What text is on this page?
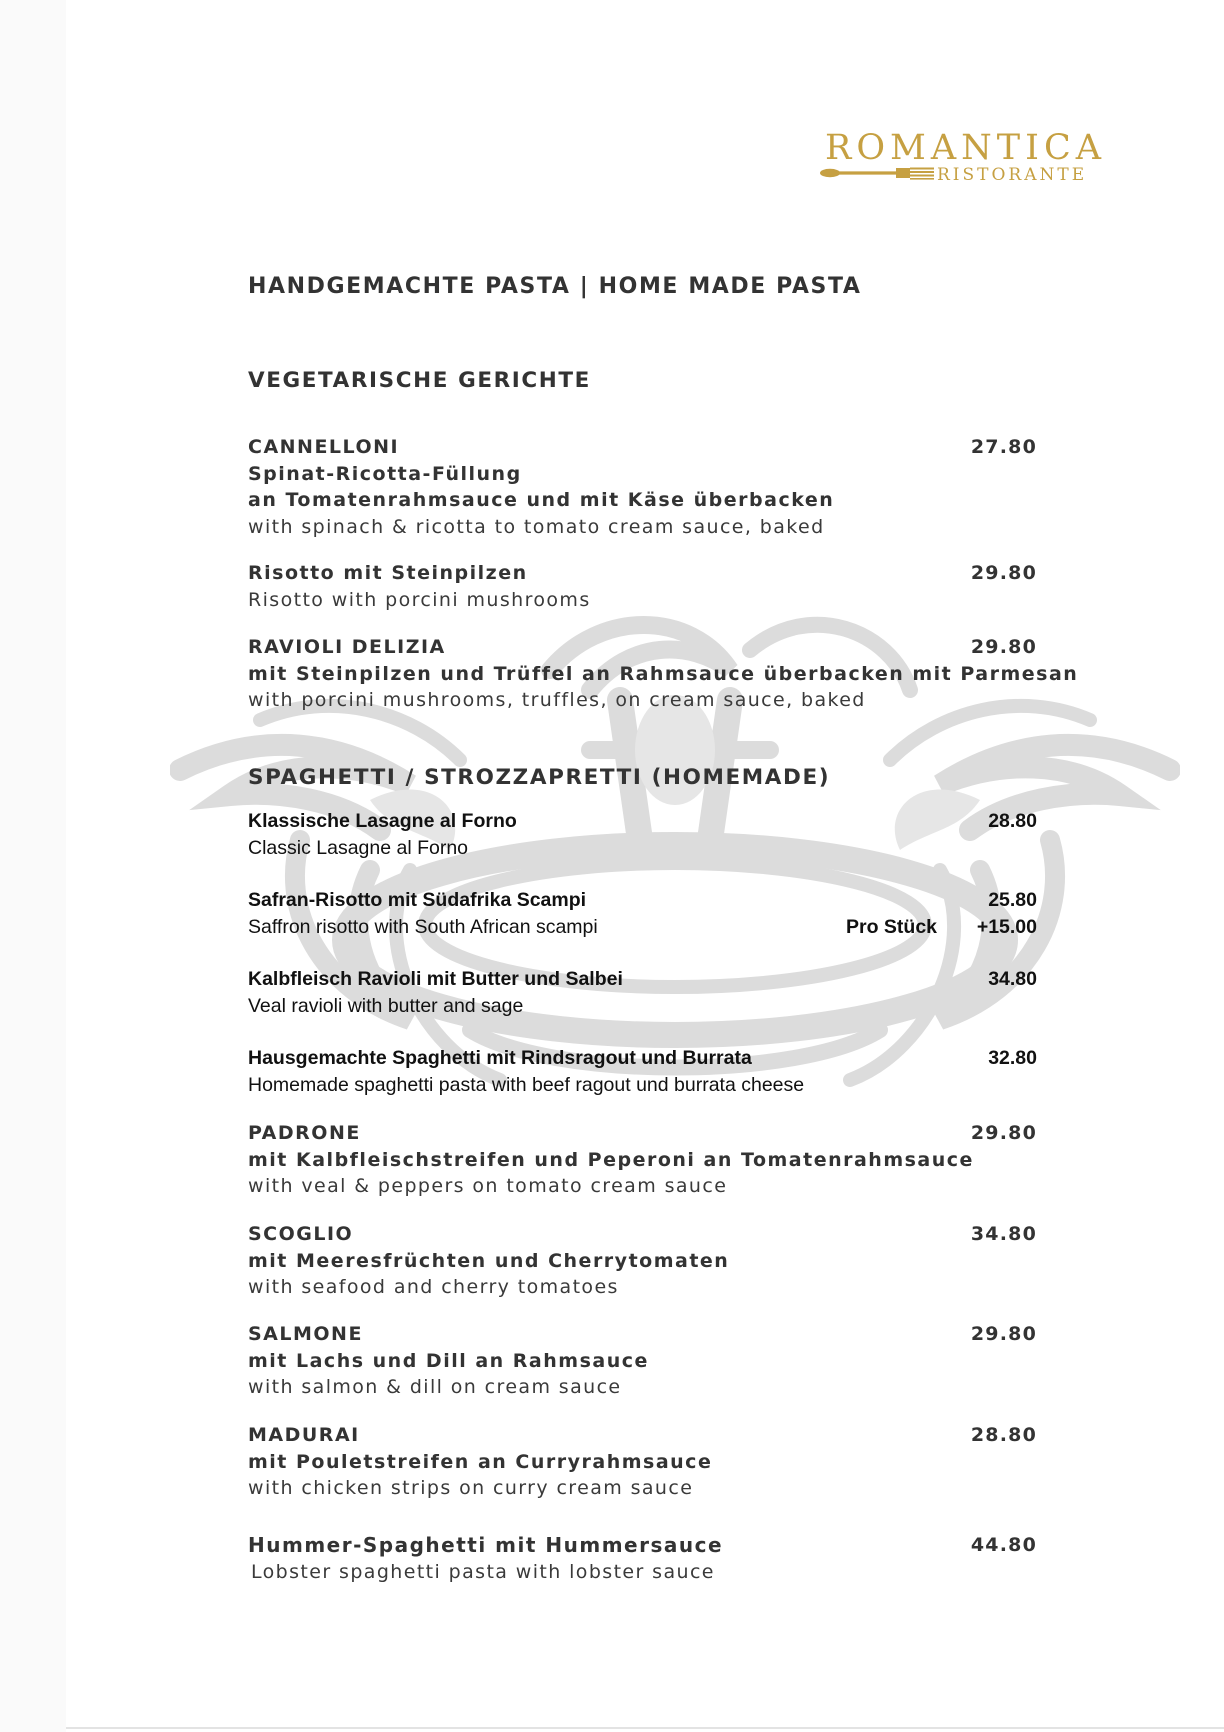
ROMANTICA
RISTORANTE
HANDGEMACHTE PASTA | HOME MADE PASTA
VEGETARISCHE GERICHTE
CANNELLONI	27.80
Spinat-Ricotta-Füllung
an Tomatenrahmsauce und mit Käse überbacken
with spinach & ricotta to tomato cream sauce, baked
Risotto mit Steinpilzen	29.80
Risotto with porcini mushrooms
RAVIOLI DELIZIA	29.80
mit Steinpilzen und Trüffel an Rahmsauce überbacken mit Parmesan
with porcini mushrooms, truffles, on cream sauce, baked
SPAGHETTI / STROZZAPRETTI (HOMEMADE)
Klassische Lasagne al Forno	28.80
Classic Lasagne al Forno
Safran-Risotto mit Südafrika Scampi	25.80
Saffron risotto with South African scampi	Pro Stück +15.00
Kalbfleisch Ravioli mit Butter und Salbei	34.80
Veal ravioli with butter and sage
Hausgemachte Spaghetti mit Rindsragout und Burrata	32.80
Homemade spaghetti pasta with beef ragout und burrata cheese
PADRONE	29.80
mit Kalbfleischstreifen und Peperoni an Tomatenrahmsauce
with veal & peppers on tomato cream sauce
SCOGLIO	34.80
mit Meeresfrüchten und Cherrytomaten
with seafood and cherry tomatoes
SALMONE	29.80
mit Lachs und Dill an Rahmsauce
with salmon & dill on cream sauce
MADURAI	28.80
mit Pouletstreifen an Curryrahmsauce
with chicken strips on curry cream sauce
Hummer-Spaghetti mit Hummersauce	44.80
Lobster spaghetti pasta with lobster sauce
